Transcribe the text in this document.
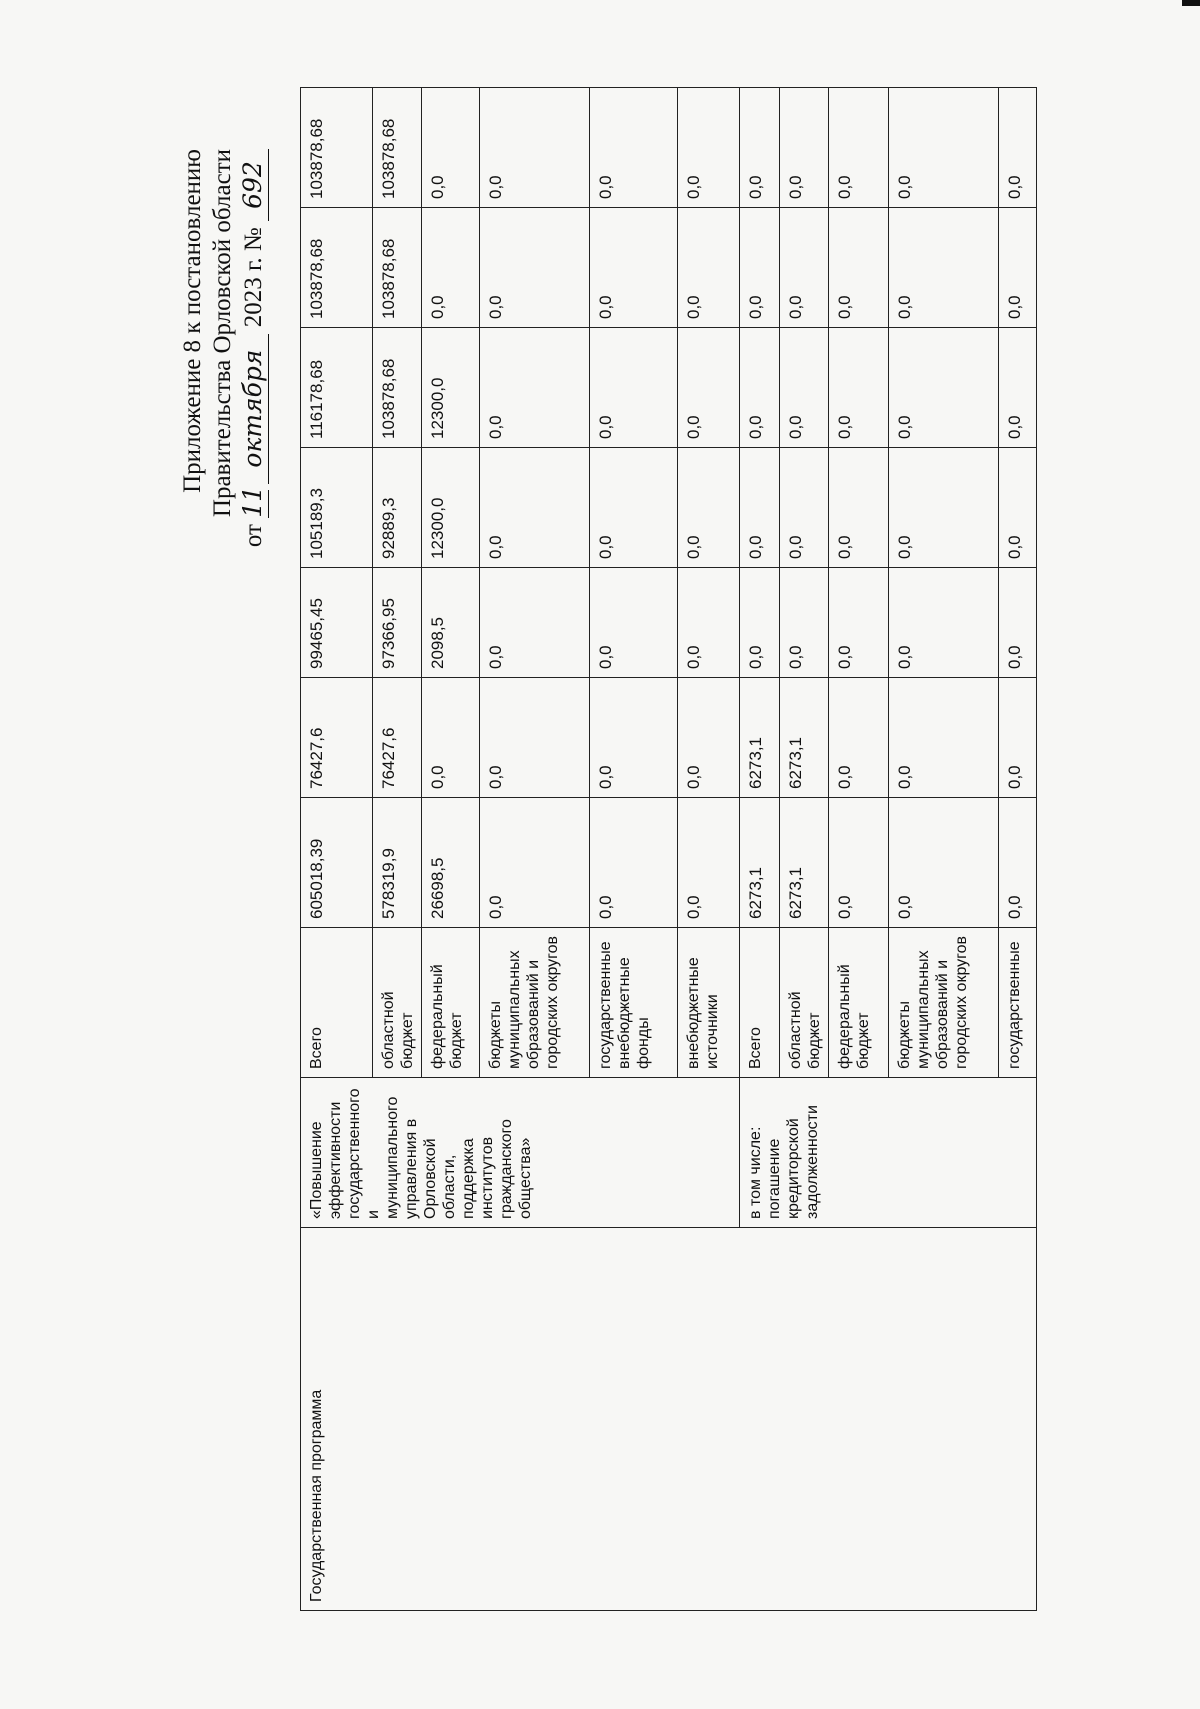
Приложение 8 к постановлению Правительства Орловской области
от 11 октября 2023 г. № 692
Государственная программа	«Повышение эффективности государственного и муниципального управления в Орловской области, поддержка институтов гражданского общества»	Всего	605018,39	76427,6	99465,45	105189,3	116178,68	103878,68	103878,68
		областной бюджет	578319,9	76427,6	97366,95	92889,3	103878,68	103878,68	103878,68
		федеральный бюджет	26698,5	0,0	2098,5	12300,0	12300,0	0,0	0,0
		бюджеты муниципальных образований и городских округов	0,0	0,0	0,0	0,0	0,0	0,0	0,0
		государственные внебюджетные фонды	0,0	0,0	0,0	0,0	0,0	0,0	0,0
		внебюджетные источники	0,0	0,0	0,0	0,0	0,0	0,0	0,0
	в том числе: погашение кредиторской задолженности	Всего	6273,1	6273,1	0,0	0,0	0,0	0,0	0,0
		областной бюджет	6273,1	6273,1	0,0	0,0	0,0	0,0	0,0
		федеральный бюджет	0,0	0,0	0,0	0,0	0,0	0,0	0,0
		бюджеты муниципальных образований и городских округов	0,0	0,0	0,0	0,0	0,0	0,0	0,0
		государственные	0,0	0,0	0,0	0,0	0,0	0,0	0,0
